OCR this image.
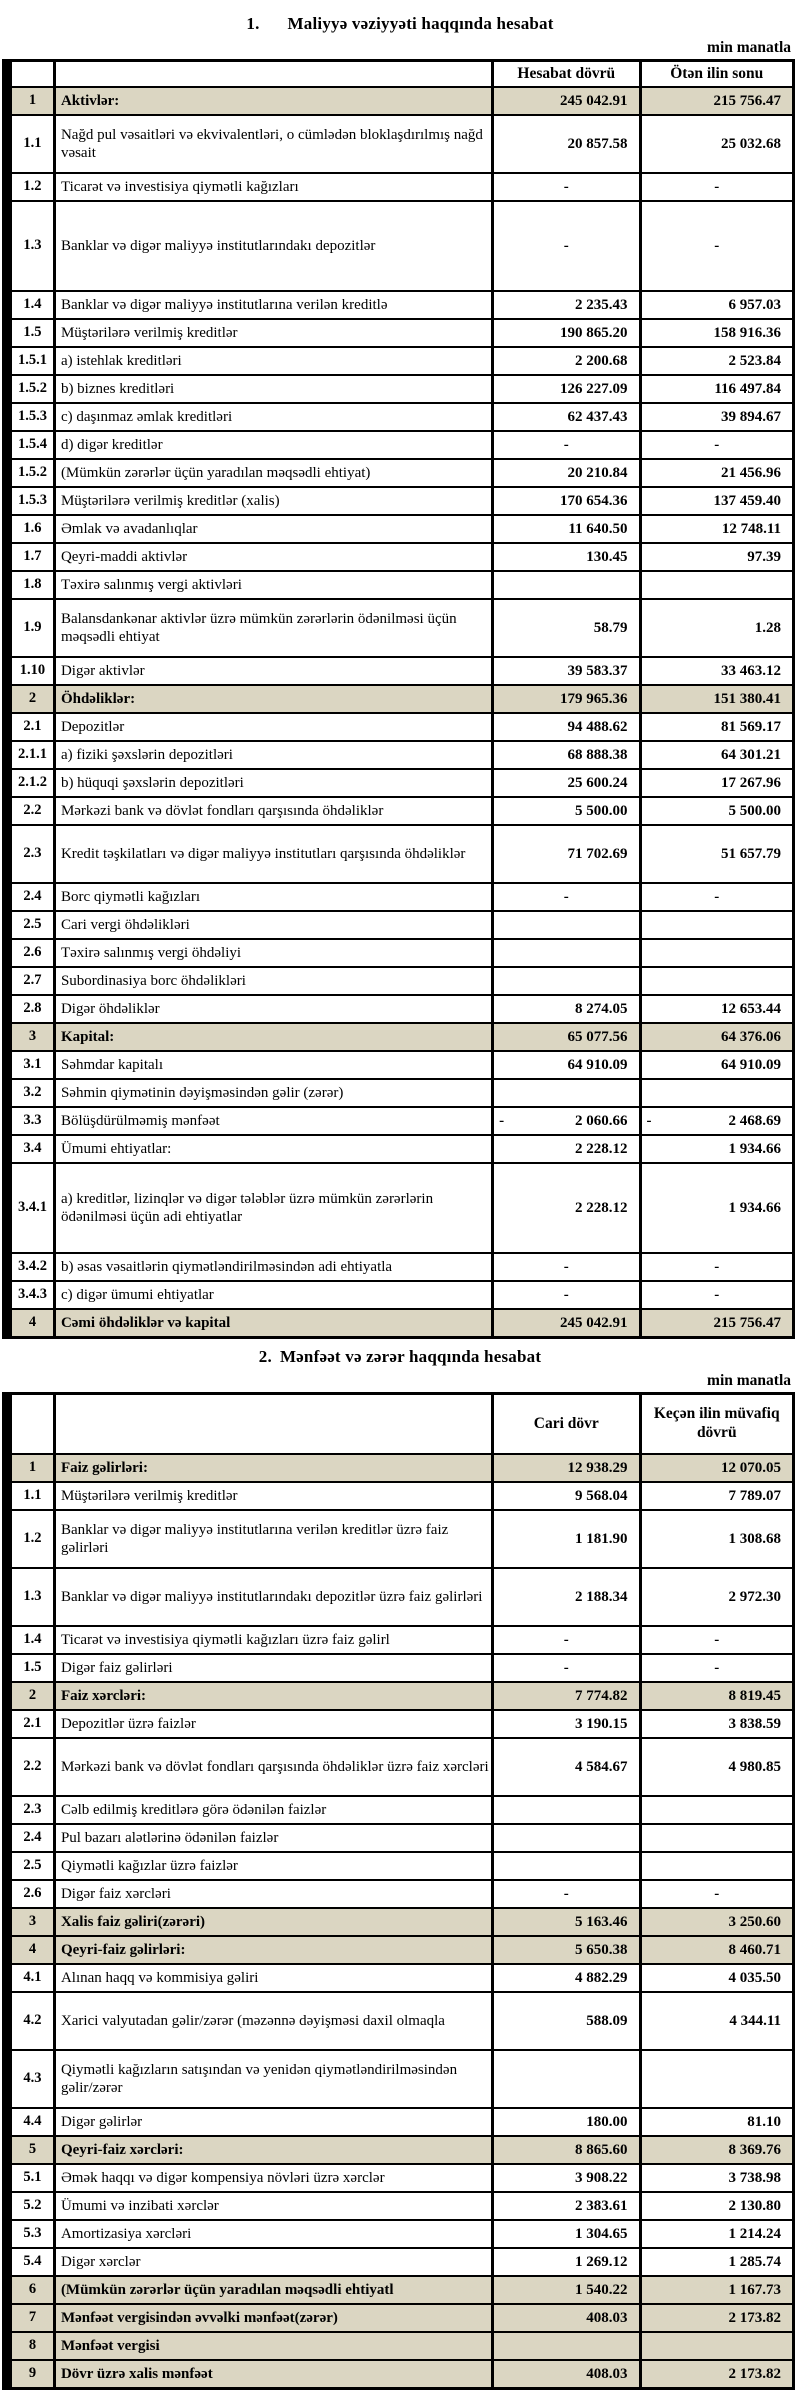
1. Maliyyə vəziyyəti haqqında hesabat
min manatla
		Hesabat dövrü	Ötən ilin sonu
1	Aktivlər:	245 042.91	215 756.47
1.1	Nağd pul vəsaitləri və ekvivalentləri, o cümlədən bloklaşdırılmış nağd vəsait	20 857.58	25 032.68
1.2	Ticarət və investisiya qiymətli kağızları	-	-
1.3	Banklar və digər maliyyə institutlarındakı depozitlər	-	-
1.4	Banklar və digər maliyyə institutlarına verilən kreditlə	2 235.43	6 957.03
1.5	Müştərilərə verilmiş kreditlər	190 865.20	158 916.36
1.5.1	a) istehlak kreditləri	2 200.68	2 523.84
1.5.2	b) biznes kreditləri	126 227.09	116 497.84
1.5.3	c) daşınmaz əmlak kreditləri	62 437.43	39 894.67
1.5.4	d) digər kreditlər	-	-
1.5.2	(Mümkün zərərlər üçün yaradılan məqsədli ehtiyat)	20 210.84	21 456.96
1.5.3	Müştərilərə verilmiş kreditlər (xalis)	170 654.36	137 459.40
1.6	Əmlak və avadanlıqlar	11 640.50	12 748.11
1.7	Qeyri-maddi aktivlər	130.45	97.39
1.8	Təxirə salınmış vergi aktivləri		
1.9	Balansdankənar aktivlər üzrə mümkün zərərlərin ödənilməsi üçün məqsədli ehtiyat	58.79	1.28
1.10	Digər aktivlər	39 583.37	33 463.12
2	Öhdəliklər:	179 965.36	151 380.41
2.1	Depozitlər	94 488.62	81 569.17
2.1.1	a) fiziki şəxslərin depozitləri	68 888.38	64 301.21
2.1.2	b) hüquqi şəxslərin depozitləri	25 600.24	17 267.96
2.2	Mərkəzi bank və dövlət fondları qarşısında öhdəliklər	5 500.00	5 500.00
2.3	Kredit təşkilatları və digər maliyyə institutları qarşısında öhdəliklər	71 702.69	51 657.79
2.4	Borc qiymətli kağızları	-	-
2.5	Cari vergi öhdəlikləri		
2.6	Təxirə salınmış vergi öhdəliyi		
2.7	Subordinasiya borc öhdəlikləri		
2.8	Digər öhdəliklər	8 274.05	12 653.44
3	Kapital:	65 077.56	64 376.06
3.1	Səhmdar kapitalı	64 910.09	64 910.09
3.2	Səhmin qiymətinin dəyişməsindən gəlir (zərər)		
3.3	Bölüşdürülməmiş mənfəət	- 2 060.66	- 2 468.69
3.4	Ümumi ehtiyatlar:	2 228.12	1 934.66
3.4.1	a) kreditlər, lizinqlər və digər tələblər üzrə mümkün zərərlərin ödənilməsi üçün adi ehtiyatlar	2 228.12	1 934.66
3.4.2	b) əsas vəsaitlərin qiymətləndirilməsindən adi ehtiyatla	-	-
3.4.3	c) digər ümumi ehtiyatlar	-	-
4	Cəmi öhdəliklər və kapital	245 042.91	215 756.47
2. Mənfəət və zərər haqqında hesabat
min manatla
		Cari dövr	Keçən ilin müvafiq dövrü
1	Faiz gəlirləri:	12 938.29	12 070.05
1.1	Müştərilərə verilmiş kreditlər	9 568.04	7 789.07
1.2	Banklar və digər maliyyə institutlarına verilən kreditlər üzrə faiz gəlirləri	1 181.90	1 308.68
1.3	Banklar və digər maliyyə institutlarındakı depozitlər üzrə faiz gəlirləri	2 188.34	2 972.30
1.4	Ticarət və investisiya qiymətli kağızları üzrə faiz gəlirl	-	-
1.5	Digər faiz gəlirləri	-	-
2	Faiz xərcləri:	7 774.82	8 819.45
2.1	Depozitlər üzrə faizlər	3 190.15	3 838.59
2.2	Mərkəzi bank və dövlət fondları qarşısında öhdəliklər üzrə faiz xərcləri	4 584.67	4 980.85
2.3	Cəlb edilmiş kreditlərə görə ödənilən faizlər		
2.4	Pul bazarı alətlərinə ödənilən faizlər		
2.5	Qiymətli kağızlar üzrə faizlər		
2.6	Digər faiz xərcləri	-	-
3	Xalis faiz gəliri(zərəri)	5 163.46	3 250.60
4	Qeyri-faiz gəlirləri:	5 650.38	8 460.71
4.1	Alınan haqq və kommisiya gəliri	4 882.29	4 035.50
4.2	Xarici valyutadan gəlir/zərər (məzənnə dəyişməsi daxil olmaqla	588.09	4 344.11
4.3	Qiymətli kağızların satışından və yenidən qiymətləndirilməsindən gəlir/zərər		
4.4	Digər gəlirlər	180.00	81.10
5	Qeyri-faiz xərcləri:	8 865.60	8 369.76
5.1	Əmək haqqı və digər kompensiya növləri üzrə xərclər	3 908.22	3 738.98
5.2	Ümumi və inzibati xərclər	2 383.61	2 130.80
5.3	Amortizasiya xərcləri	1 304.65	1 214.24
5.4	Digər xərclər	1 269.12	1 285.74
6	(Mümkün zərərlər üçün yaradılan məqsədli ehtiyatl	1 540.22	1 167.73
7	Mənfəət vergisindən əvvəlki mənfəət(zərər)	408.03	2 173.82
8	Mənfəət vergisi		
9	Dövr üzrə xalis mənfəət	408.03	2 173.82
